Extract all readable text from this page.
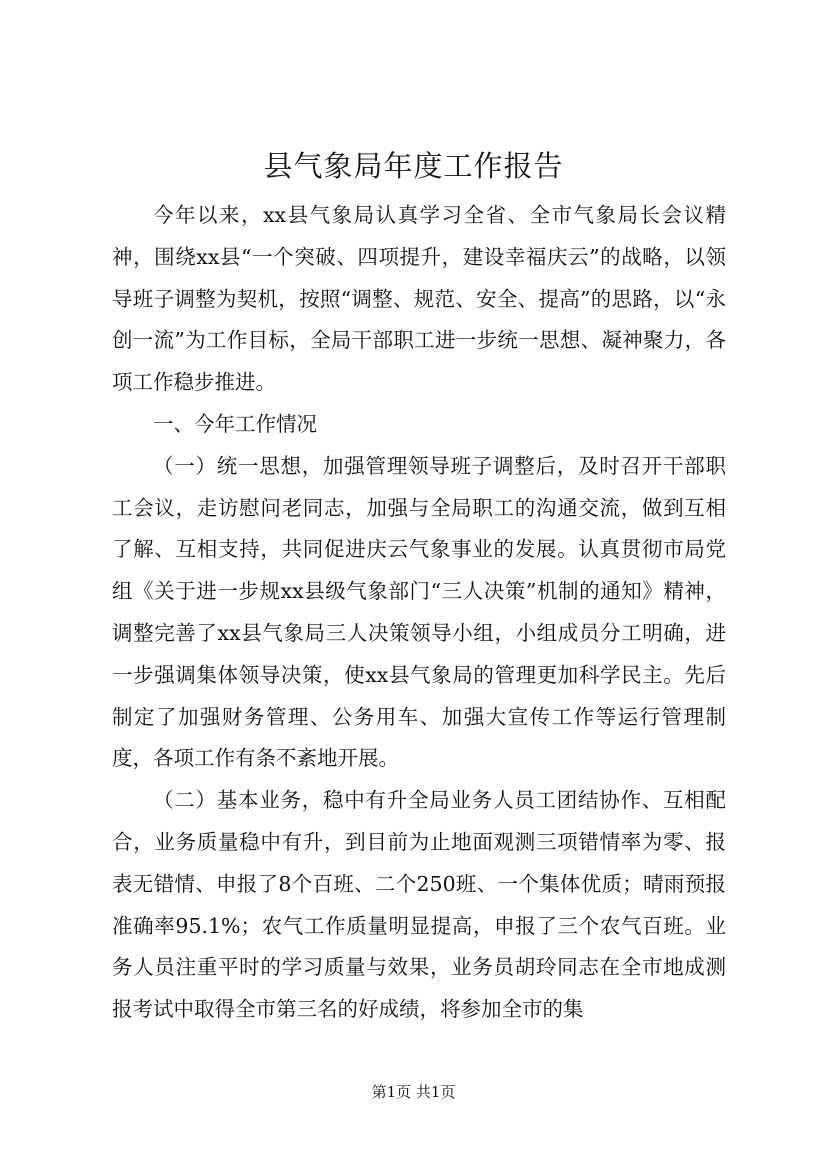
县气象局年度工作报告

今年以来，xx县气象局认真学习全省、全市气象局长会议精神，围绕xx县“一个突破、四项提升，建设幸福庆云”的战略，以领导班子调整为契机，按照“调整、规范、安全、提高”的思路，以“永创一流”为工作目标，全局干部职工进一步统一思想、凝神聚力，各项工作稳步推进。

一、今年工作情况

（一）统一思想，加强管理领导班子调整后，及时召开干部职工会议，走访慰问老同志，加强与全局职工的沟通交流，做到互相了解、互相支持，共同促进庆云气象事业的发展。认真贯彻市局党组《关于进一步规xx县级气象部门“三人决策”机制的通知》精神，调整完善了xx县气象局三人决策领导小组，小组成员分工明确，进一步强调集体领导决策，使xx县气象局的管理更加科学民主。先后制定了加强财务管理、公务用车、加强大宣传工作等运行管理制度，各项工作有条不紊地开展。

（二）基本业务，稳中有升全局业务人员工团结协作、互相配合，业务质量稳中有升，到目前为止地面观测三项错情率为零、报表无错情、申报了8个百班、二个250班、一个集体优质；晴雨预报准确率95.1%；农气工作质量明显提高，申报了三个农气百班。业务人员注重平时的学习质量与效果，业务员胡玲同志在全市地成测报考试中取得全市第三名的好成绩，将参加全市的集

第1页 共1页
